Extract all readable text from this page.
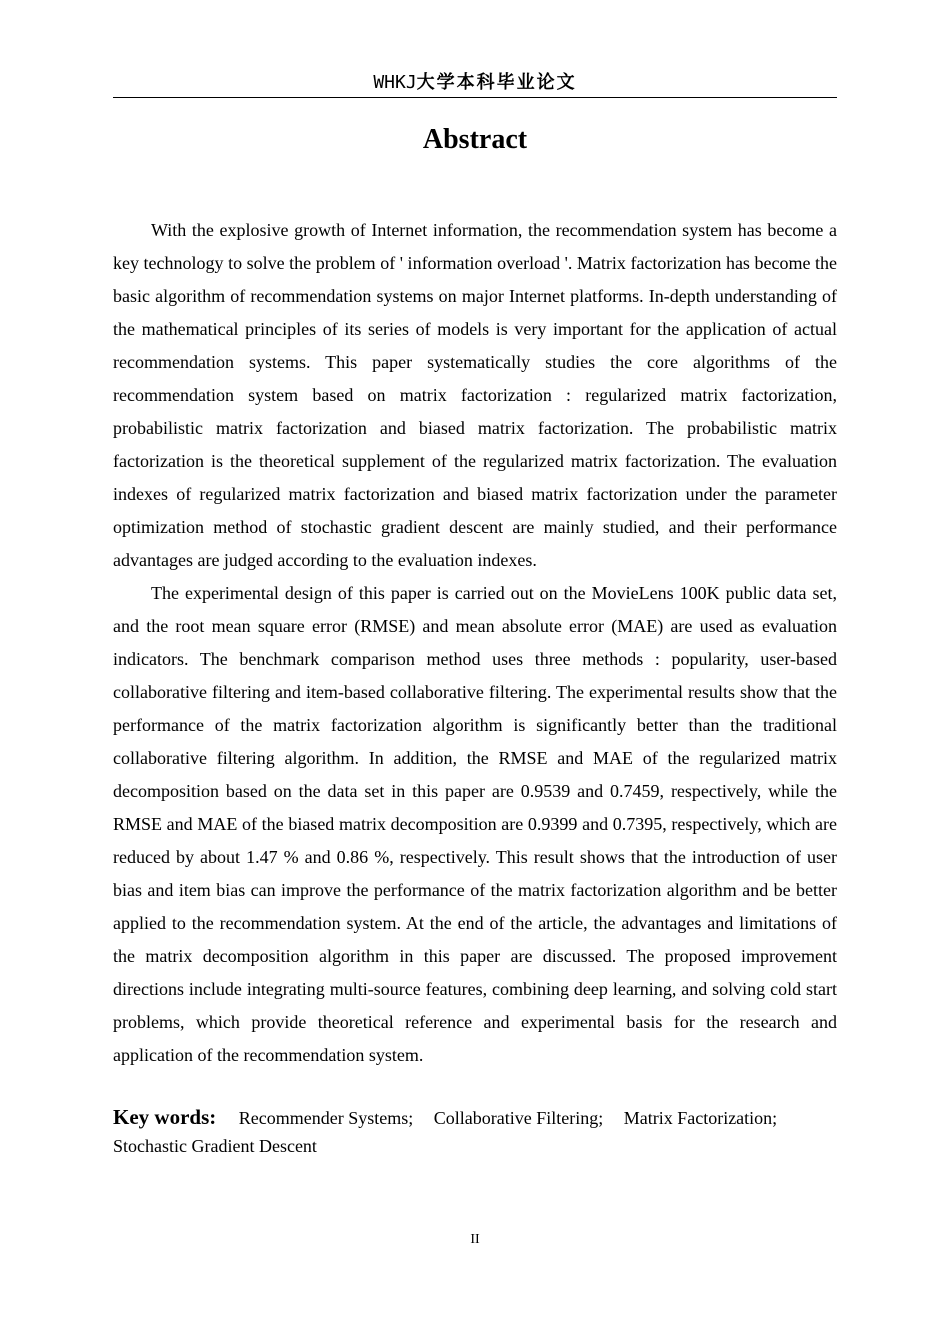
WHKJ大学本科毕业论文
Abstract

With the explosive growth of Internet information, the recommendation system has become a key technology to solve the problem of ' information overload '. Matrix factorization has become the basic algorithm of recommendation systems on major Internet platforms. In-depth understanding of the mathematical principles of its series of models is very important for the application of actual recommendation systems. This paper systematically studies the core algorithms of the recommendation system based on matrix factorization : regularized matrix factorization, probabilistic matrix factorization and biased matrix factorization. The probabilistic matrix factorization is the theoretical supplement of the regularized matrix factorization. The evaluation indexes of regularized matrix factorization and biased matrix factorization under the parameter optimization method of stochastic gradient descent are mainly studied, and their performance advantages are judged according to the evaluation indexes.

The experimental design of this paper is carried out on the MovieLens 100K public data set, and the root mean square error (RMSE) and mean absolute error (MAE) are used as evaluation indicators. The benchmark comparison method uses three methods : popularity, user-based collaborative filtering and item-based collaborative filtering. The experimental results show that the performance of the matrix factorization algorithm is significantly better than the traditional collaborative filtering algorithm. In addition, the RMSE and MAE of the regularized matrix decomposition based on the data set in this paper are 0.9539 and 0.7459, respectively, while the RMSE and MAE of the biased matrix decomposition are 0.9399 and 0.7395, respectively, which are reduced by about 1.47 % and 0.86 %, respectively. This result shows that the introduction of user bias and item bias can improve the performance of the matrix factorization algorithm and be better applied to the recommendation system. At the end of the article, the advantages and limitations of the matrix decomposition algorithm in this paper are discussed. The proposed improvement directions include integrating multi-source features, combining deep learning, and solving cold start problems, which provide theoretical reference and experimental basis for the research and application of the recommendation system.

Key words: Recommender Systems; Collaborative Filtering; Matrix Factorization; Stochastic Gradient Descent
II
